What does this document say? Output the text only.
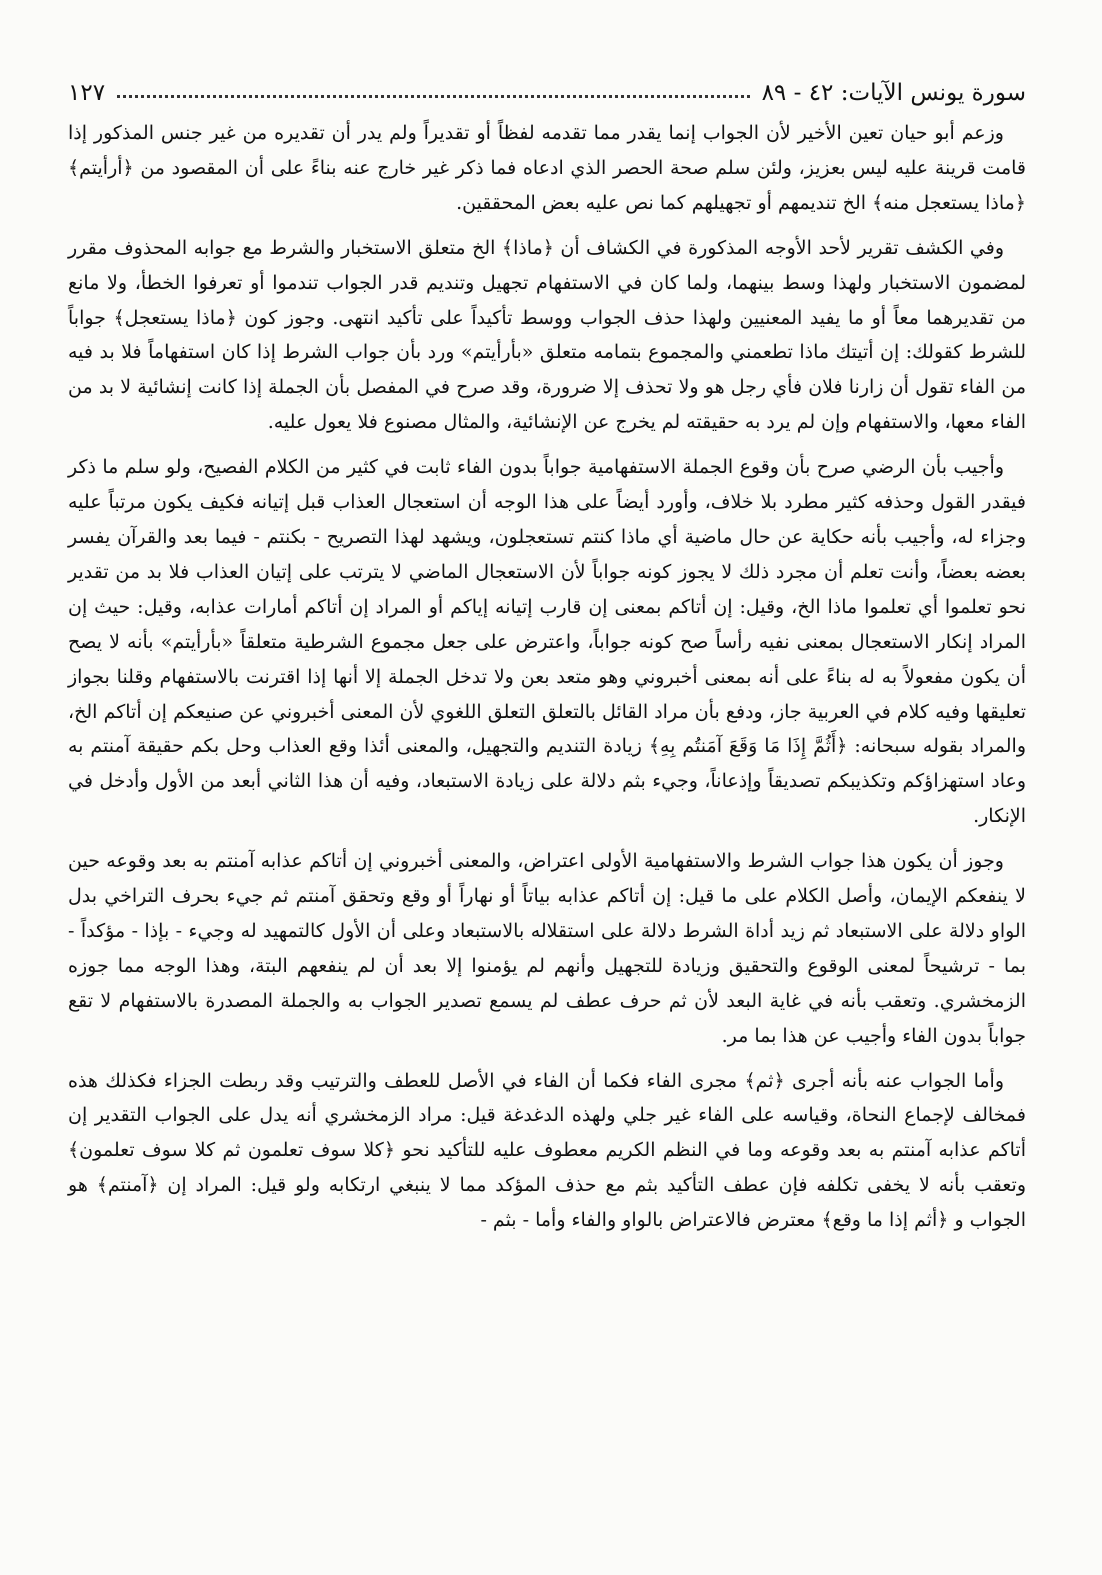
سورة يونس الآيات: ٤٢ - ٨٩
١٢٧

وزعم أبو حيان تعين الأخير لأن الجواب إنما يقدر مما تقدمه لفظاً أو تقديراً ولم يدر أن تقديره من غير جنس المذكور إذا قامت قرينة عليه ليس بعزيز، ولئن سلم صحة الحصر الذي ادعاه فما ذكر غير خارج عنه بناءً على أن المقصود من ﴿أرأيتم﴾ ﴿ماذا يستعجل منه﴾ الخ تنديمهم أو تجهيلهم كما نص عليه بعض المحققين.

وفي الكشف تقرير لأحد الأوجه المذكورة في الكشاف أن ﴿ماذا﴾ الخ متعلق الاستخبار والشرط مع جوابه المحذوف مقرر لمضمون الاستخبار ولهذا وسط بينهما، ولما كان في الاستفهام تجهيل وتنديم قدر الجواب تندموا أو تعرفوا الخطأ، ولا مانع من تقديرهما معاً أو ما يفيد المعنيين ولهذا حذف الجواب ووسط تأكيداً على تأكيد انتهى. وجوز كون ﴿ماذا يستعجل﴾ جواباً للشرط كقولك: إن أتيتك ماذا تطعمني والمجموع بتمامه متعلق «بأرأيتم» ورد بأن جواب الشرط إذا كان استفهاماً فلا بد فيه من الفاء تقول أن زارنا فلان فأي رجل هو ولا تحذف إلا ضرورة، وقد صرح في المفصل بأن الجملة إذا كانت إنشائية لا بد من الفاء معها، والاستفهام وإن لم يرد به حقيقته لم يخرج عن الإنشائية، والمثال مصنوع فلا يعول عليه.

وأجيب بأن الرضي صرح بأن وقوع الجملة الاستفهامية جواباً بدون الفاء ثابت في كثير من الكلام الفصيح، ولو سلم ما ذكر فيقدر القول وحذفه كثير مطرد بلا خلاف، وأورد أيضاً على هذا الوجه أن استعجال العذاب قبل إتيانه فكيف يكون مرتباً عليه وجزاء له، وأجيب بأنه حكاية عن حال ماضية أي ماذا كنتم تستعجلون، ويشهد لهذا التصريح - بكنتم - فيما بعد والقرآن يفسر بعضه بعضاً، وأنت تعلم أن مجرد ذلك لا يجوز كونه جواباً لأن الاستعجال الماضي لا يترتب على إتيان العذاب فلا بد من تقدير نحو تعلموا أي تعلموا ماذا الخ، وقيل: إن أتاكم بمعنى إن قارب إتيانه إياكم أو المراد إن أتاكم أمارات عذابه، وقيل: حيث إن المراد إنكار الاستعجال بمعنى نفيه رأساً صح كونه جواباً، واعترض على جعل مجموع الشرطية متعلقاً «بأرأيتم» بأنه لا يصح أن يكون مفعولاً به له بناءً على أنه بمعنى أخبروني وهو متعد بعن ولا تدخل الجملة إلا أنها إذا اقترنت بالاستفهام وقلنا بجواز تعليقها وفيه كلام في العربية جاز، ودفع بأن مراد القائل بالتعلق التعلق اللغوي لأن المعنى أخبروني عن صنيعكم إن أتاكم الخ، والمراد بقوله سبحانه: ﴿أَثُمَّ إِذَا مَا وَقَعَ آمَنتُم بِهِ﴾ زيادة التنديم والتجهيل، والمعنى أئذا وقع العذاب وحل بكم حقيقة آمنتم به وعاد استهزاؤكم وتكذيبكم تصديقاً وإذعاناً، وجيء بثم دلالة على زيادة الاستبعاد، وفيه أن هذا الثاني أبعد من الأول وأدخل في الإنكار.

وجوز أن يكون هذا جواب الشرط والاستفهامية الأولى اعتراض، والمعنى أخبروني إن أتاكم عذابه آمنتم به بعد وقوعه حين لا ينفعكم الإيمان، وأصل الكلام على ما قيل: إن أتاكم عذابه بياتاً أو نهاراً أو وقع وتحقق آمنتم ثم جيء بحرف التراخي بدل الواو دلالة على الاستبعاد ثم زيد أداة الشرط دلالة على استقلاله بالاستبعاد وعلى أن الأول كالتمهيد له وجيء - بإذا - مؤكداً - بما - ترشيحاً لمعنى الوقوع والتحقيق وزيادة للتجهيل وأنهم لم يؤمنوا إلا بعد أن لم ينفعهم البتة، وهذا الوجه مما جوزه الزمخشري. وتعقب بأنه في غاية البعد لأن ثم حرف عطف لم يسمع تصدير الجواب به والجملة المصدرة بالاستفهام لا تقع جواباً بدون الفاء وأجيب عن هذا بما مر.

وأما الجواب عنه بأنه أجرى ﴿ثم﴾ مجرى الفاء فكما أن الفاء في الأصل للعطف والترتيب وقد ربطت الجزاء فكذلك هذه فمخالف لإجماع النحاة، وقياسه على الفاء غير جلي ولهذه الدغدغة قيل: مراد الزمخشري أنه يدل على الجواب التقدير إن أتاكم عذابه آمنتم به بعد وقوعه وما في النظم الكريم معطوف عليه للتأكيد نحو ﴿كلا سوف تعلمون ثم كلا سوف تعلمون﴾ وتعقب بأنه لا يخفى تكلفه فإن عطف التأكيد بثم مع حذف المؤكد مما لا ينبغي ارتكابه ولو قيل: المراد إن ﴿آمنتم﴾ هو الجواب و ﴿أثم إذا ما وقع﴾ معترض فالاعتراض بالواو والفاء وأما - بثم -
